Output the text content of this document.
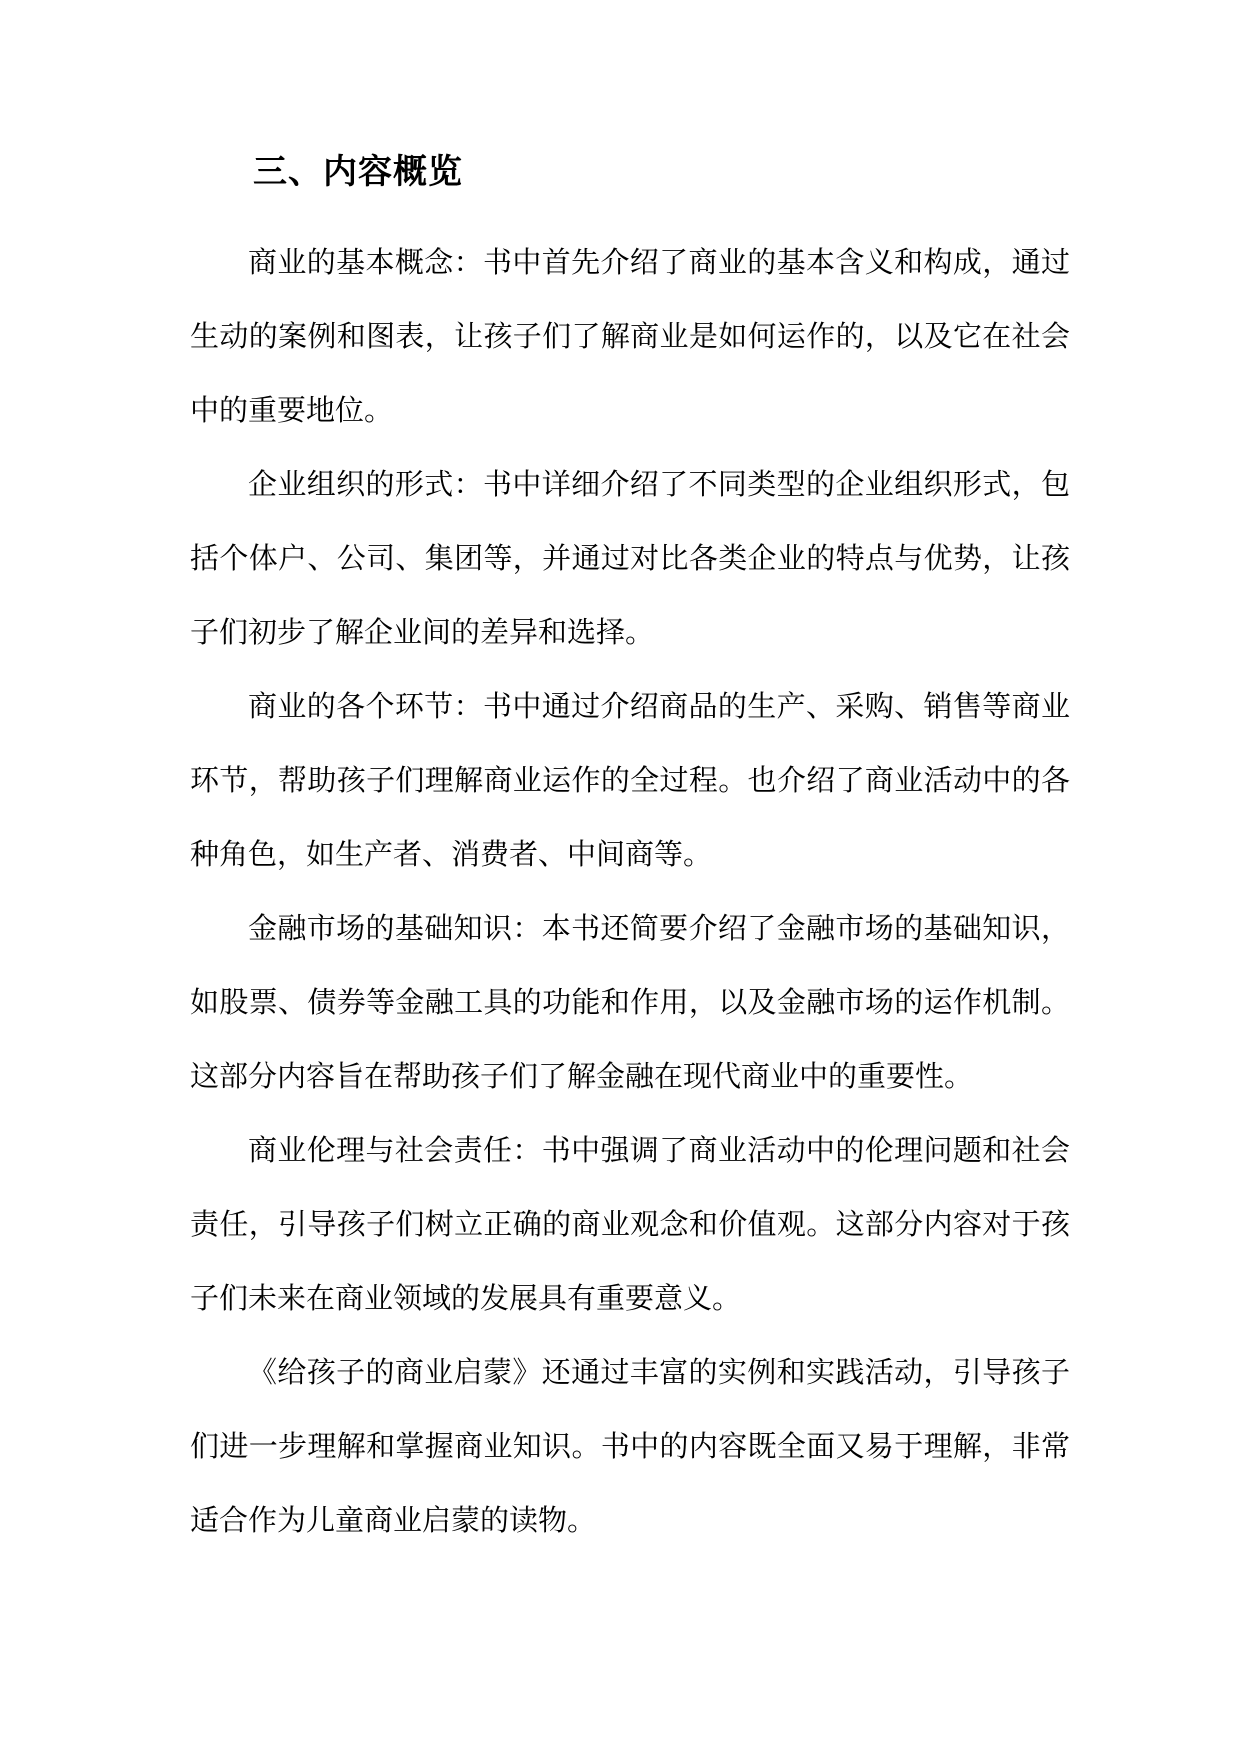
三、内容概览

商业的基本概念：书中首先介绍了商业的基本含义和构成，通过生动的案例和图表，让孩子们了解商业是如何运作的，以及它在社会中的重要地位。

企业组织的形式：书中详细介绍了不同类型的企业组织形式，包括个体户、公司、集团等，并通过对比各类企业的特点与优势，让孩子们初步了解企业间的差异和选择。

商业的各个环节：书中通过介绍商品的生产、采购、销售等商业环节，帮助孩子们理解商业运作的全过程。也介绍了商业活动中的各种角色，如生产者、消费者、中间商等。

金融市场的基础知识：本书还简要介绍了金融市场的基础知识，如股票、债券等金融工具的功能和作用，以及金融市场的运作机制。这部分内容旨在帮助孩子们了解金融在现代商业中的重要性。

商业伦理与社会责任：书中强调了商业活动中的伦理问题和社会责任，引导孩子们树立正确的商业观念和价值观。这部分内容对于孩子们未来在商业领域的发展具有重要意义。

《给孩子的商业启蒙》还通过丰富的实例和实践活动，引导孩子们进一步理解和掌握商业知识。书中的内容既全面又易于理解，非常适合作为儿童商业启蒙的读物。
